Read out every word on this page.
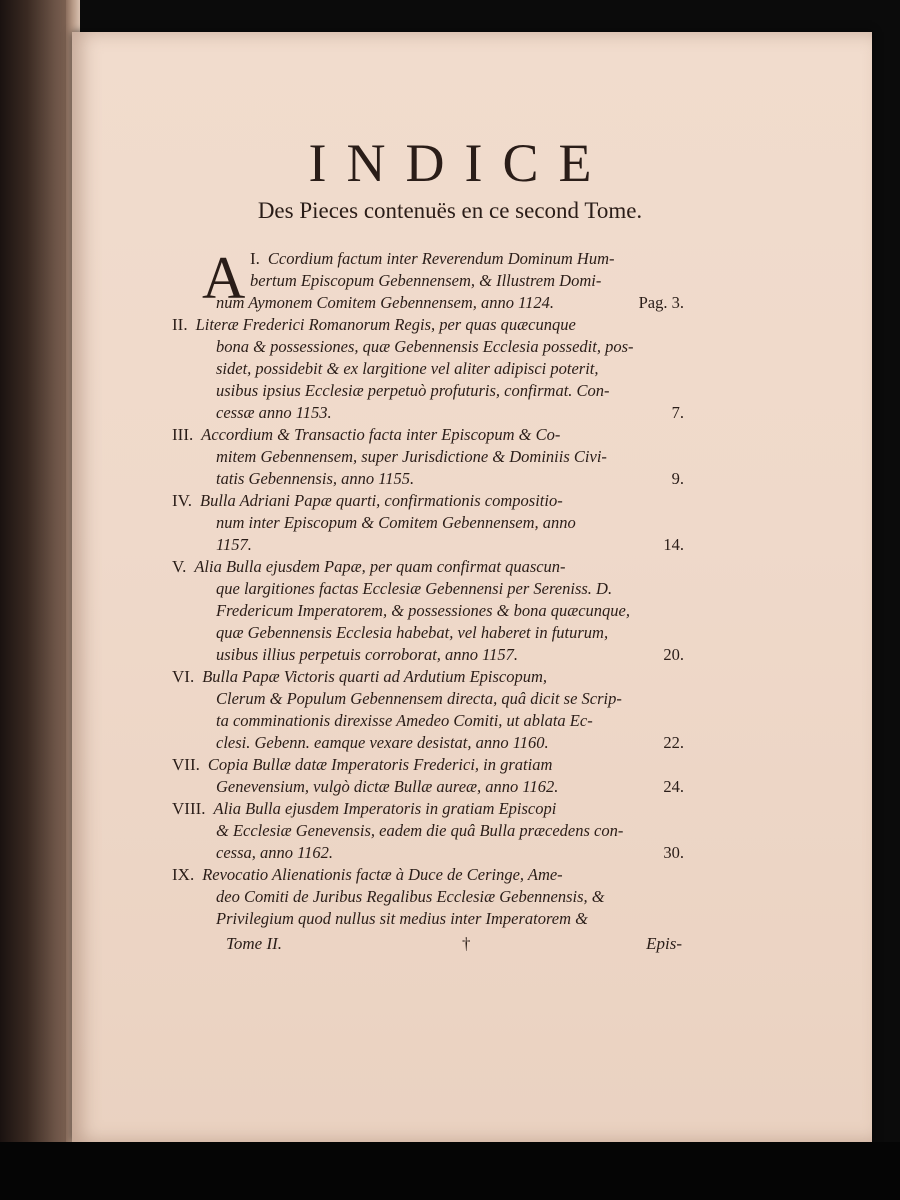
INDICE
Des Pieces contenuës en ce second Tome.
I.
A Ccordium factum inter Reverendum Dominum Hum-
bertum Episcopum Gebennensem, & Illustrem Domi-
num Aymonem Comitem Gebennensem, anno 1124.	Pag. 3.
II. Literæ Frederici Romanorum Regis, per quas quæcunque
bona & possessiones, quæ Gebennensis Ecclesia possedit, pos-
sidet, possidebit & ex largitione vel aliter adipisci poterit,
usibus ipsius Ecclesiæ perpetuò profuturis, confirmat. Con-
cessæ anno 1153.	7.
III. Accordium & Transactio facta inter Episcopum & Co-
mitem Gebennensem, super Jurisdictione & Dominiis Civi-
tatis Gebennensis, anno 1155.	9.
IV. Bulla Adriani Papæ quarti, confirmationis compositio-
num inter Episcopum & Comitem Gebennensem, anno
1157.	14.
V. Alia Bulla ejusdem Papæ, per quam confirmat quascun-
que largitiones factas Ecclesiæ Gebennensi per Sereniss. D.
Fredericum Imperatorem, & possessiones & bona quæcunque,
quæ Gebennensis Ecclesia habebat, vel haberet in futurum,
usibus illius perpetuis corroborat, anno 1157.	20.
VI. Bulla Papæ Victoris quarti ad Ardutium Episcopum,
Clerum & Populum Gebennensem directa, quâ dicit se Scrip-
ta comminationis direxisse Amedeo Comiti, ut ablata Ec-
clesi. Gebenn. eamque vexare desistat, anno 1160.	22.
VII. Copia Bullæ datæ Imperatoris Frederici, in gratiam
Genevensium, vulgò dictæ Bullæ aureæ, anno 1162.	24.
VIII. Alia Bulla ejusdem Imperatoris in gratiam Episcopi
& Ecclesiæ Genevensis, eadem die quâ Bulla præcedens con-
cessa, anno 1162.	30.
IX. Revocatio Alienationis factæ à Duce de Ceringe, Ame-
deo Comiti de Juribus Regalibus Ecclesiæ Gebennensis, &
Privilegium quod nullus sit medius inter Imperatorem &
Tome II.	†	Epis-
